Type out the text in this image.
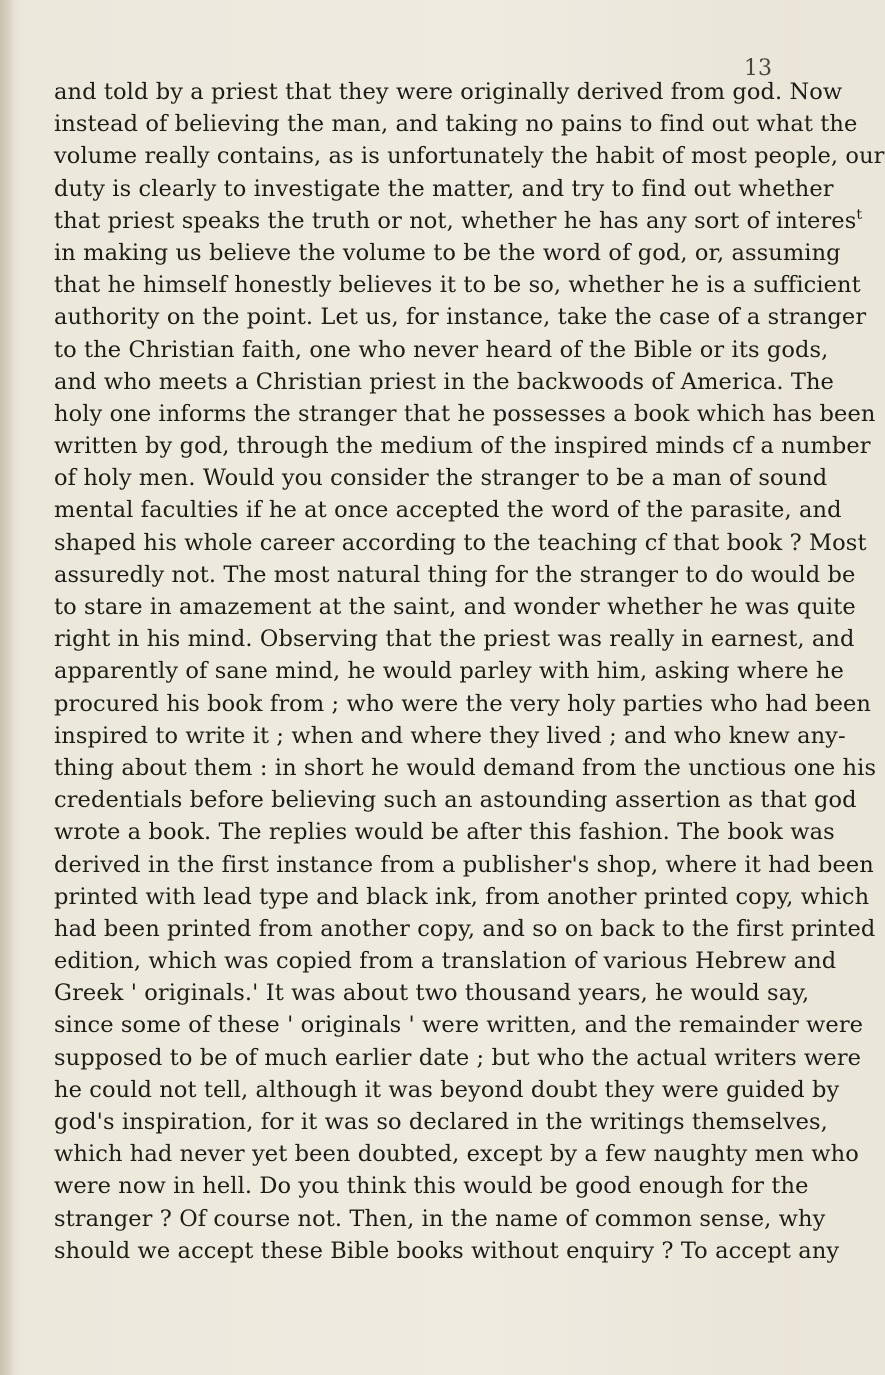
13
and told by a priest that they were originally derived from god. Now
instead of believing the man, and taking no pains to find out what the
volume really contains, as is unfortunately the habit of most people, our
duty is clearly to investigate the matter, and try to find out whether
that priest speaks the truth or not, whether he has any sort of interes$^t$
in making us believe the volume to be the word of god, or, assuming
that he himself honestly believes it to be so, whether he is a sufficient
authority on the point. Let us, for instance, take the case of a stranger
to the Christian faith, one who never heard of the Bible or its gods,
and who meets a Christian priest in the backwoods of America. The
holy one informs the stranger that he possesses a book which has been
written by god, through the medium of the inspired minds cf a number
of holy men. Would you consider the stranger to be a man of sound
mental faculties if he at once accepted the word of the parasite, and
shaped his whole career according to the teaching cf that book ? Most
assuredly not. The most natural thing for the stranger to do would be
to stare in amazement at the saint, and wonder whether he was quite
right in his mind. Observing that the priest was really in earnest, and
apparently of sane mind, he would parley with him, asking where he
procured his book from ; who were the very holy parties who had been
inspired to write it ; when and where they lived ; and who knew any-
thing about them : in short he would demand from the unctious one his
credentials before believing such an astounding assertion as that god
wrote a book. The replies would be after this fashion. The book was
derived in the first instance from a publisher's shop, where it had been
printed with lead type and black ink, from another printed copy, which
had been printed from another copy, and so on back to the first printed
edition, which was copied from a translation of various Hebrew and
Greek ' originals.' It was about two thousand years, he would say,
since some of these ' originals ' were written, and the remainder were
supposed to be of much earlier date ; but who the actual writers were
he could not tell, although it was beyond doubt they were guided by
god's inspiration, for it was so declared in the writings themselves,
which had never yet been doubted, except by a few naughty men who
were now in hell. Do you think this would be good enough for the
stranger ? Of course not. Then, in the name of common sense, why
should we accept these Bible books without enquiry ? To accept any
